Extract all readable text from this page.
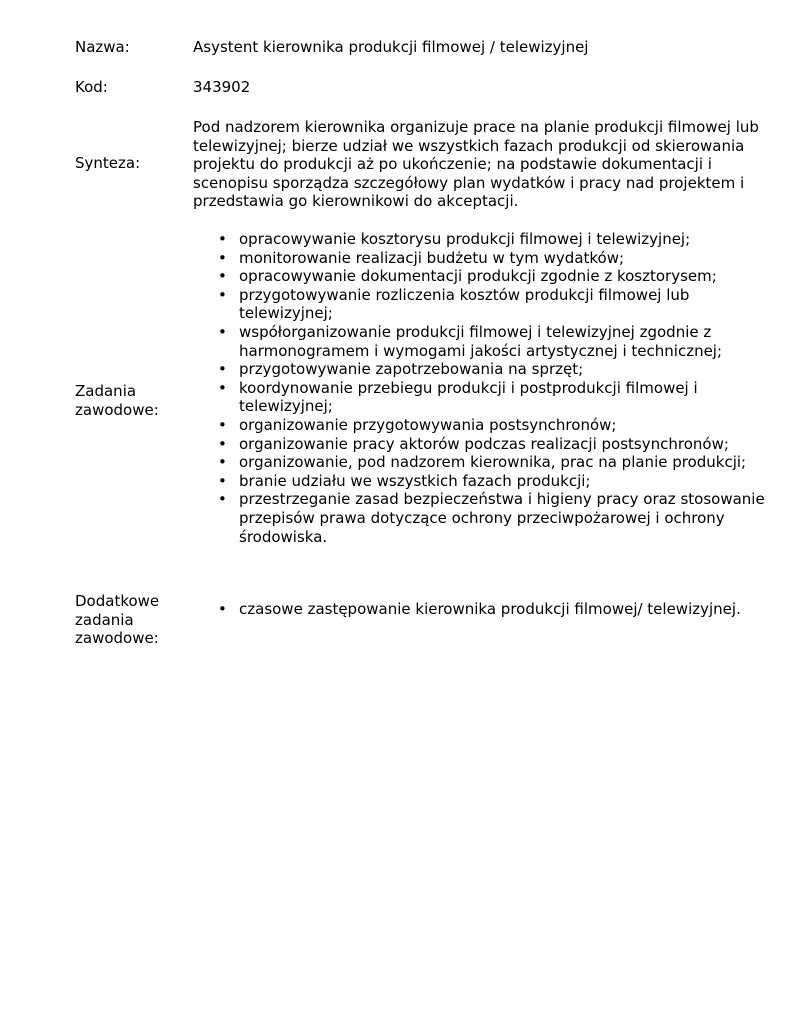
Nazwa:	Asystent kierownika produkcji filmowej / telewizyjnej
Kod:	343902
Synteza:
Pod nadzorem kierownika organizuje prace na planie produkcji filmowej lub telewizyjnej; bierze udział we wszystkich fazach produkcji od skierowania projektu do produkcji aż po ukończenie; na podstawie dokumentacji i scenopisu sporządza szczegółowy plan wydatków i pracy nad projektem i przedstawia go kierownikowi do akceptacji.
Zadania zawodowe:
• opracowywanie kosztorysu produkcji filmowej i telewizyjnej;
• monitorowanie realizacji budżetu w tym wydatków;
• opracowywanie dokumentacji produkcji zgodnie z kosztorysem;
• przygotowywanie rozliczenia kosztów produkcji filmowej lub telewizyjnej;
• współorganizowanie produkcji filmowej i telewizyjnej zgodnie z harmonogramem i wymogami jakości artystycznej i technicznej;
• przygotowywanie zapotrzebowania na sprzęt;
• koordynowanie przebiegu produkcji i postprodukcji filmowej i telewizyjnej;
• organizowanie przygotowywania postsynchronów;
• organizowanie pracy aktorów podczas realizacji postsynchronów;
• organizowanie, pod nadzorem kierownika, prac na planie produkcji;
• branie udziału we wszystkich fazach produkcji;
• przestrzeganie zasad bezpieczeństwa i higieny pracy oraz stosowanie przepisów prawa dotyczące ochrony przeciwpożarowej i ochrony środowiska.
Dodatkowe zadania zawodowe:
• czasowe zastępowanie kierownika produkcji filmowej/ telewizyjnej.
